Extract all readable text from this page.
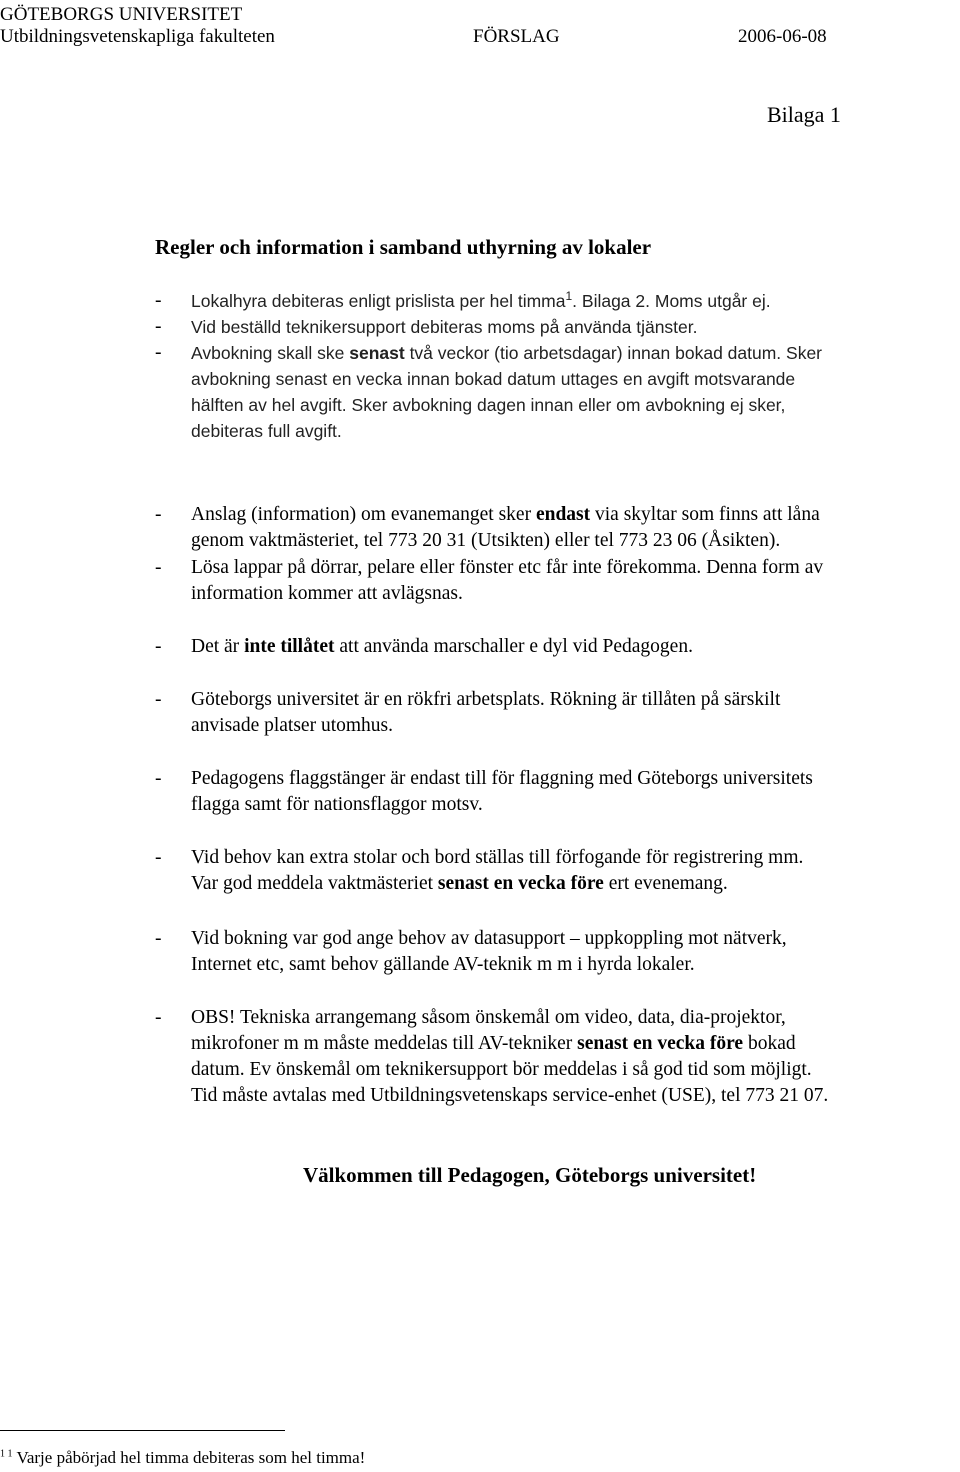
GÖTEBORGS UNIVERSITET
Utbildningsvetenskapliga fakulteten	FÖRSLAG	2006-06-08
Bilaga 1
Regler och information i samband uthyrning av lokaler
- Lokalhyra debiteras enligt prislista per hel timma$^1$. Bilaga 2. Moms utgår ej.
- Vid beställd teknikersupport debiteras moms på använda tjänster.
- Avbokning skall ske senast två veckor (tio arbetsdagar) innan bokad datum. Sker
avbokning senast en vecka innan bokad datum uttages en avgift motsvarande
hälften av hel avgift. Sker avbokning dagen innan eller om avbokning ej sker,
debiteras full avgift.
- Anslag (information) om evanemanget sker endast via skyltar som finns att låna
genom vaktmästeriet, tel 773 20 31 (Utsikten) eller tel 773 23 06 (Åsikten).
- Lösa lappar på dörrar, pelare eller fönster etc får inte förekomma. Denna form av
information kommer att avlägsnas.
- Det är inte tillåtet att använda marschaller e dyl vid Pedagogen.
- Göteborgs universitet är en rökfri arbetsplats. Rökning är tillåten på särskilt
anvisade platser utomhus.
- Pedagogens flaggstänger är endast till för flaggning med Göteborgs universitets
flagga samt för nationsflaggor motsv.
- Vid behov kan extra stolar och bord ställas till förfogande för registrering mm.
Var god meddela vaktmästeriet senast en vecka före ert evenemang.
- Vid bokning var god ange behov av datasupport – uppkoppling mot nätverk,
Internet etc, samt behov gällande AV-teknik m m i hyrda lokaler.
- OBS! Tekniska arrangemang såsom önskemål om video, data, dia-projektor,
mikrofoner m m måste meddelas till AV-tekniker senast en vecka före bokad
datum. Ev önskemål om teknikersupport bör meddelas i så god tid som möjligt.
Tid måste avtalas med Utbildningsvetenskaps service-enhet (USE), tel 773 21 07.
Välkommen till Pedagogen, Göteborgs universitet!
$^{1 1}$ Varje påbörjad hel timma debiteras som hel timma!
